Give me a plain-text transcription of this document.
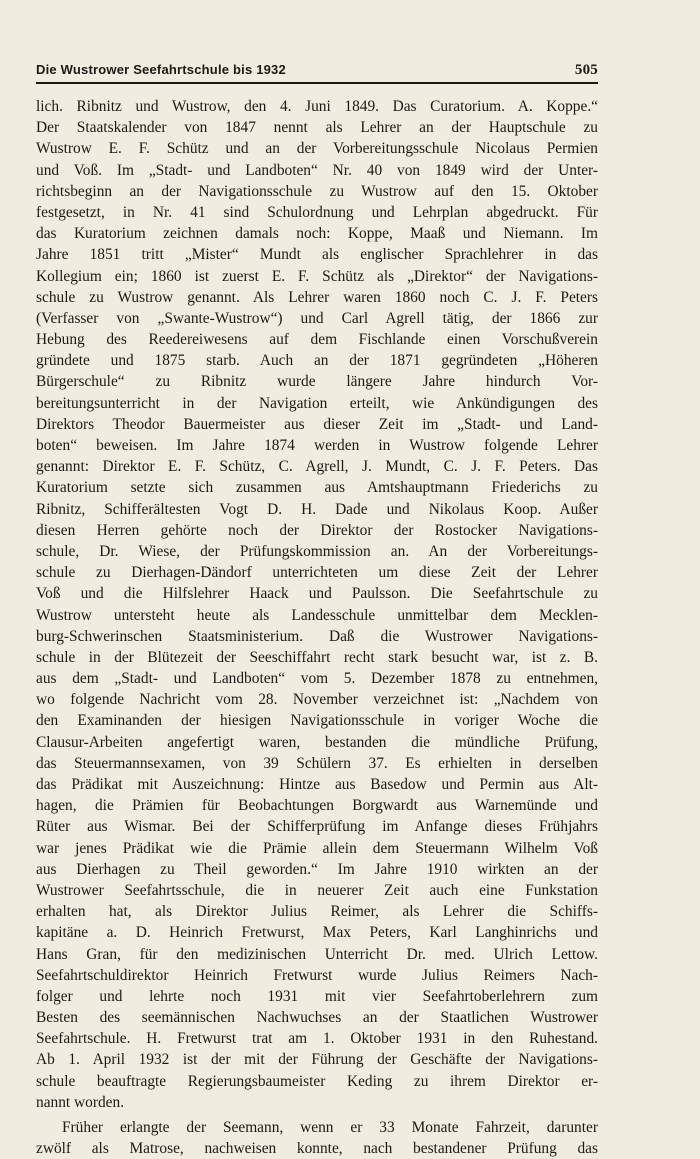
Die Wustrower Seefahrtschule bis 1932	505
lich. Ribnitz und Wustrow, den 4. Juni 1849. Das Curatorium. A. Koppe.“
Der Staatskalender von 1847 nennt als Lehrer an der Hauptschule zu
Wustrow E. F. Schütz und an der Vorbereitungsschule Nicolaus Permien
und Voß. Im „Stadt- und Landboten“ Nr. 40 von 1849 wird der Unter-
richtsbeginn an der Navigationsschule zu Wustrow auf den 15. Oktober
festgesetzt, in Nr. 41 sind Schulordnung und Lehrplan abgedruckt. Für
das Kuratorium zeichnen damals noch: Koppe, Maaß und Niemann. Im
Jahre 1851 tritt „Mister“ Mundt als englischer Sprachlehrer in das
Kollegium ein; 1860 ist zuerst E. F. Schütz als „Direktor“ der Navigations-
schule zu Wustrow genannt. Als Lehrer waren 1860 noch C. J. F. Peters
(Verfasser von „Swante-Wustrow“) und Carl Agrell tätig, der 1866 zur
Hebung des Reedereiwesens auf dem Fischlande einen Vorschußverein
gründete und 1875 starb. Auch an der 1871 gegründeten „Höheren
Bürgerschule“ zu Ribnitz wurde längere Jahre hindurch Vor-
bereitungsunterricht in der Navigation erteilt, wie Ankündigungen des
Direktors Theodor Bauermeister aus dieser Zeit im „Stadt- und Land-
boten“ beweisen. Im Jahre 1874 werden in Wustrow folgende Lehrer
genannt: Direktor E. F. Schütz, C. Agrell, J. Mundt, C. J. F. Peters. Das
Kuratorium setzte sich zusammen aus Amtshauptmann Friederichs zu
Ribnitz, Schifferältesten Vogt D. H. Dade und Nikolaus Koop. Außer
diesen Herren gehörte noch der Direktor der Rostocker Navigations-
schule, Dr. Wiese, der Prüfungskommission an. An der Vorbereitungs-
schule zu Dierhagen-Dändorf unterrichteten um diese Zeit der Lehrer
Voß und die Hilfslehrer Haack und Paulsson. Die Seefahrtschule zu
Wustrow untersteht heute als Landesschule unmittelbar dem Mecklen-
burg-Schwerinschen Staatsministerium. Daß die Wustrower Navigations-
schule in der Blütezeit der Seeschiffahrt recht stark besucht war, ist z. B.
aus dem „Stadt- und Landboten“ vom 5. Dezember 1878 zu entnehmen,
wo folgende Nachricht vom 28. November verzeichnet ist: „Nachdem von
den Examinanden der hiesigen Navigationsschule in voriger Woche die
Clausur-Arbeiten angefertigt waren, bestanden die mündliche Prüfung,
das Steuermannsexamen, von 39 Schülern 37. Es erhielten in derselben
das Prädikat mit Auszeichnung: Hintze aus Basedow und Permin aus Alt-
hagen, die Prämien für Beobachtungen Borgwardt aus Warnemünde und
Rüter aus Wismar. Bei der Schifferprüfung im Anfange dieses Frühjahrs
war jenes Prädikat wie die Prämie allein dem Steuermann Wilhelm Voß
aus Dierhagen zu Theil geworden.“ Im Jahre 1910 wirkten an der
Wustrower Seefahrtsschule, die in neuerer Zeit auch eine Funkstation
erhalten hat, als Direktor Julius Reimer, als Lehrer die Schiffs-
kapitäne a. D. Heinrich Fretwurst, Max Peters, Karl Langhinrichs und
Hans Gran, für den medizinischen Unterricht Dr. med. Ulrich Lettow.
Seefahrtschuldirektor Heinrich Fretwurst wurde Julius Reimers Nach-
folger und lehrte noch 1931 mit vier Seefahrtoberlehrern zum
Besten des seemännischen Nachwuchses an der Staatlichen Wustrower
Seefahrtschule. H. Fretwurst trat am 1. Oktober 1931 in den Ruhestand.
Ab 1. April 1932 ist der mit der Führung der Geschäfte der Navigations-
schule beauftragte Regierungsbaumeister Keding zu ihrem Direktor er-
nannt worden.
Früher erlangte der Seemann, wenn er 33 Monate Fahrzeit, darunter
zwölf als Matrose, nachweisen konnte, nach bestandener Prüfung das
